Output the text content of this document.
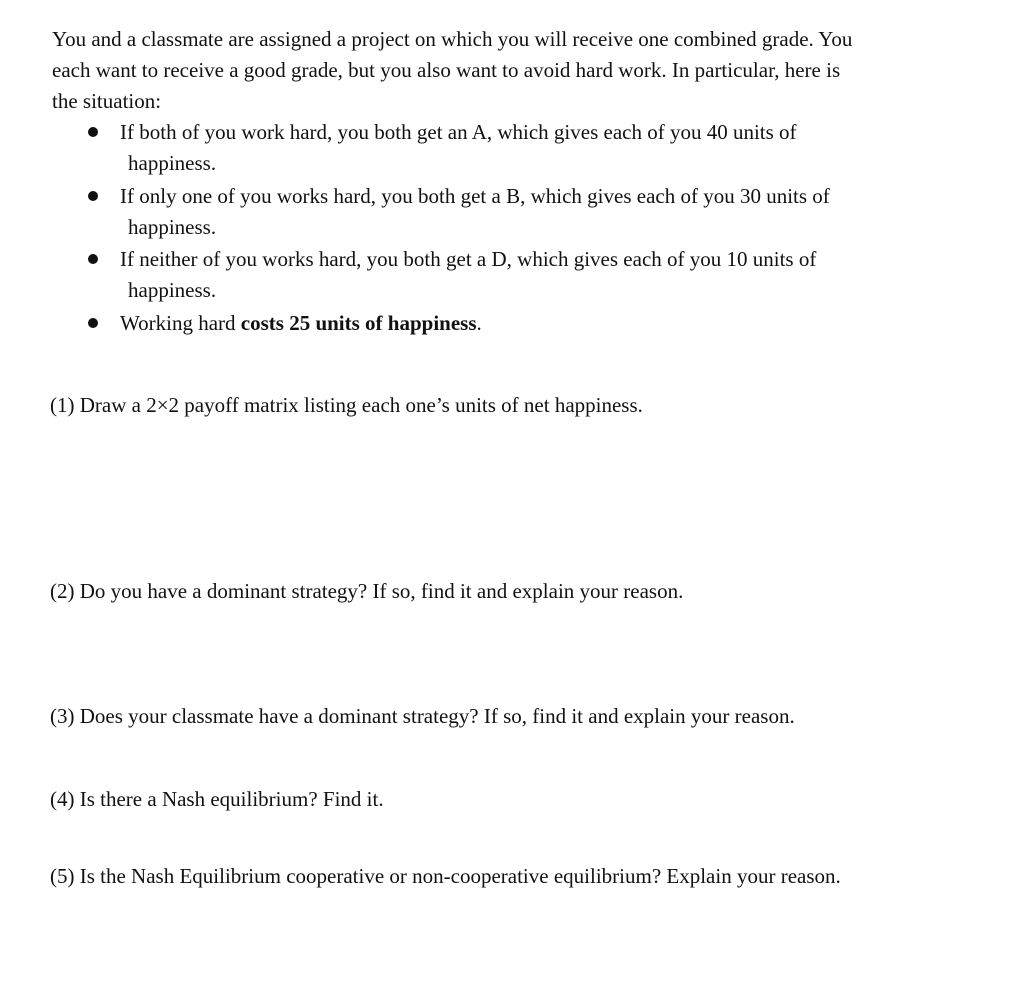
You and a classmate are assigned a project on which you will receive one combined grade. You
each want to receive a good grade, but you also want to avoid hard work. In particular, here is
the situation:

If both of you work hard, you both get an A, which gives each of you 40 units of

happiness.
If only one of you works hard, you both get a B, which gives each of you 30 units of

happiness.
If neither of you works hard, you both get a D, which gives each of you 10 units of

happiness.
Working hard costs 25 units of happiness.

(1) Draw a 2×2 payoff matrix listing each one’s units of net happiness.

(2) Do you have a dominant strategy? If so, find it and explain your reason.

(3) Does your classmate have a dominant strategy? If so, find it and explain your reason.

(4) Is there a Nash equilibrium? Find it.

(5) Is the Nash Equilibrium cooperative or non-cooperative equilibrium? Explain your reason.
